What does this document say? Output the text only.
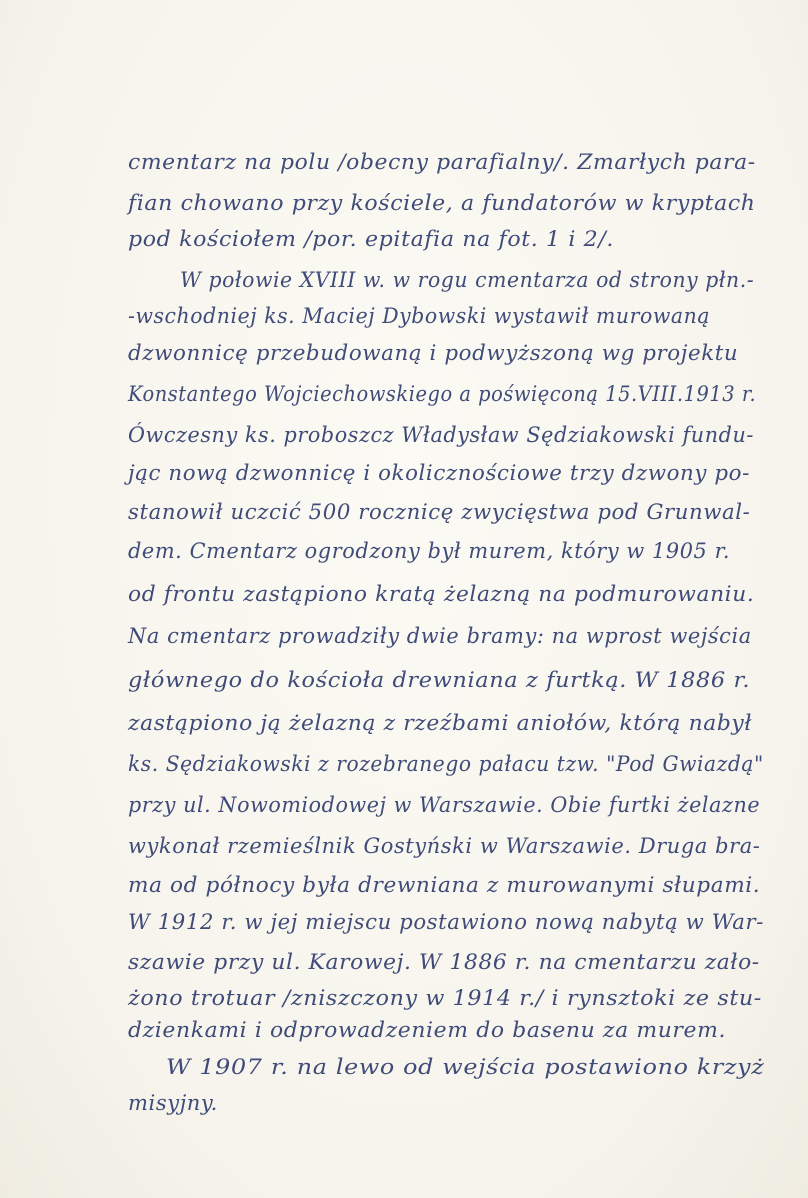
cmentarz na polu /obecny parafialny/. Zmarłych para-
fian chowano przy kościele, a fundatorów w kryptach
pod kościołem /por. epitafia na fot. 1 i 2/.
W połowie XVIII w. w rogu cmentarza od strony płn.-
-wschodniej ks. Maciej Dybowski wystawił murowaną
dzwonnicę przebudowaną i podwyższoną wg projektu
Konstantego Wojciechowskiego a poświęconą 15.VIII.1913 r.
Ówczesny ks. proboszcz Władysław Sędziakowski fundu-
jąc nową dzwonnicę i okolicznościowe trzy dzwony po-
stanowił uczcić 500 rocznicę zwycięstwa pod Grunwal-
dem. Cmentarz ogrodzony był murem, który w 1905 r.
od frontu zastąpiono kratą żelazną na podmurowaniu.
Na cmentarz prowadziły dwie bramy: na wprost wejścia
głównego do kościoła drewniana z furtką. W 1886 r.
zastąpiono ją żelazną z rzeźbami aniołów, którą nabył
ks. Sędziakowski z rozebranego pałacu tzw. "Pod Gwiazdą"
przy ul. Nowomiodowej w Warszawie. Obie furtki żelazne
wykonał rzemieślnik Gostyński w Warszawie. Druga bra-
ma od północy była drewniana z murowanymi słupami.
W 1912 r. w jej miejscu postawiono nową nabytą w War-
szawie przy ul. Karowej. W 1886 r. na cmentarzu zało-
żono trotuar /zniszczony w 1914 r./ i rynsztoki ze stu-
dzienkami i odprowadzeniem do basenu za murem.
W 1907 r. na lewo od wejścia postawiono krzyż
misyjny.
